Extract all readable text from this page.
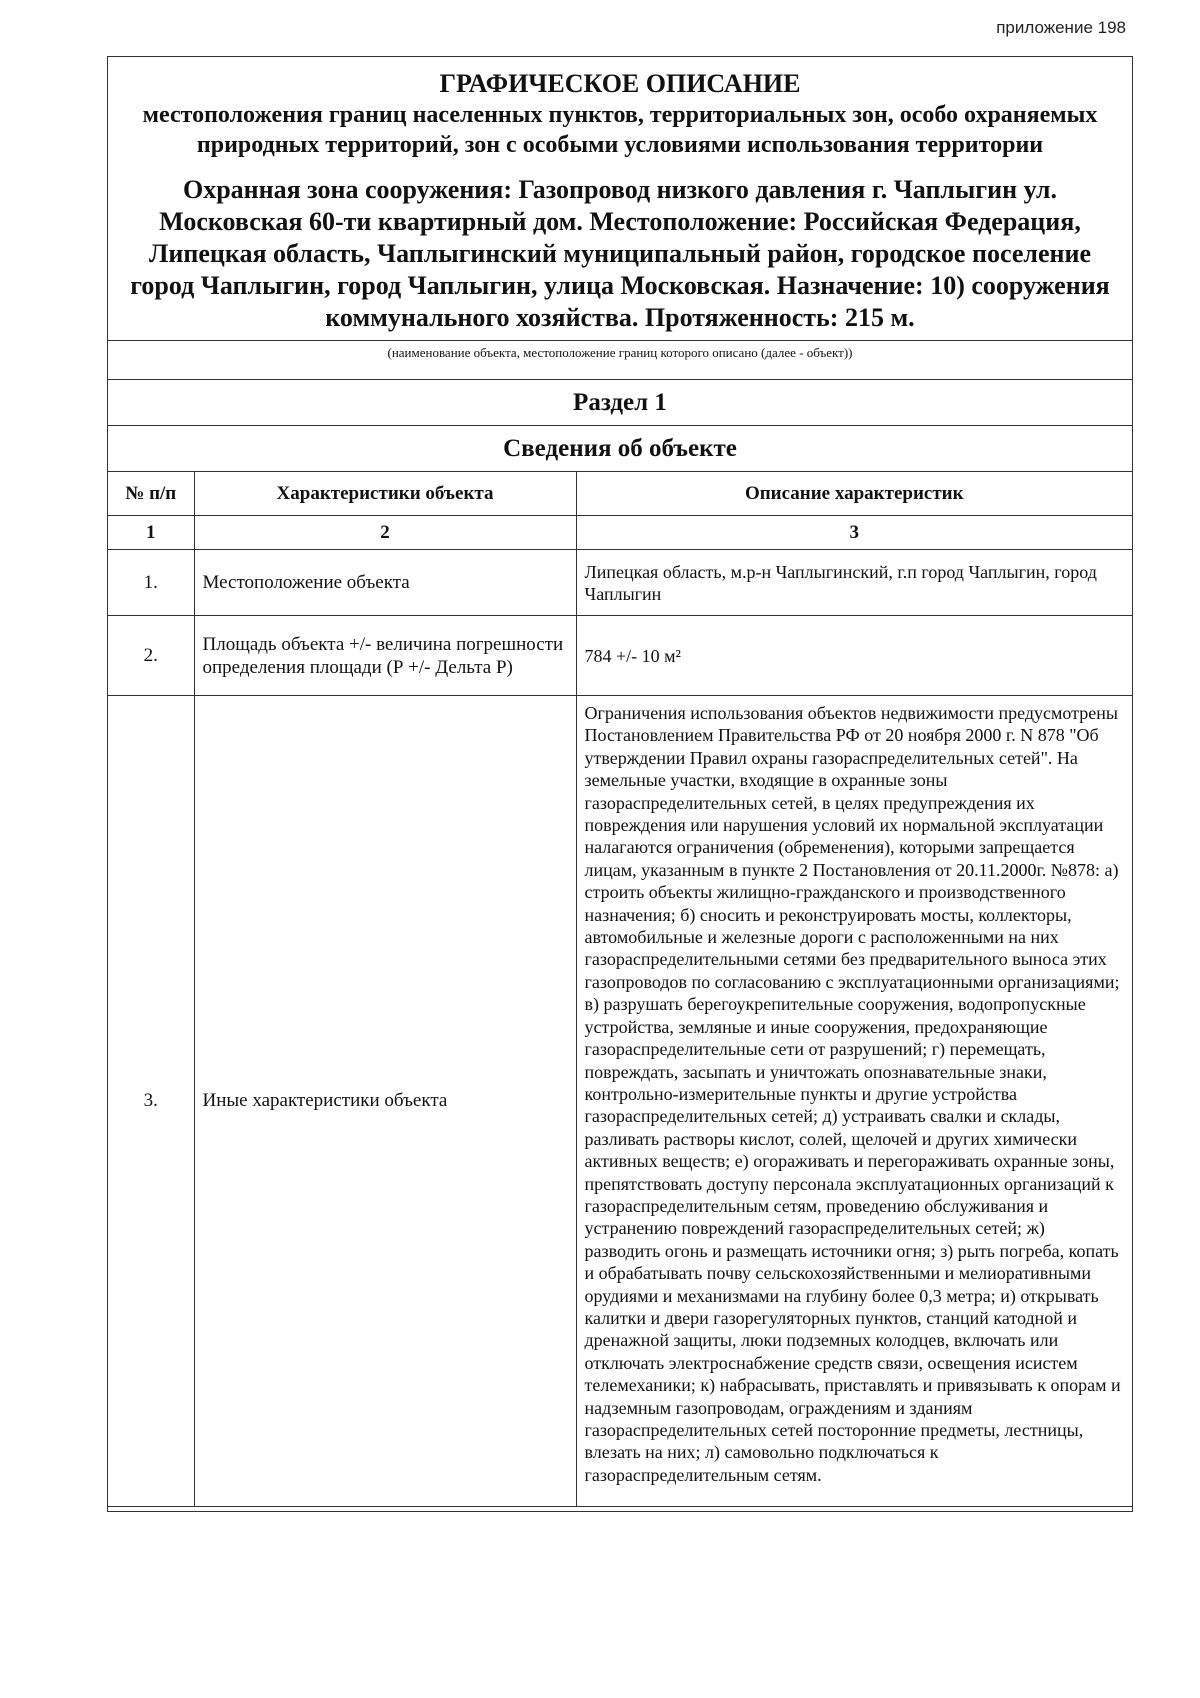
приложение 198

ГРАФИЧЕСКОЕ ОПИСАНИЕ

местоположения границ населенных пунктов, территориальных зон, особо охраняемых природных территорий, зон с особыми условиями использования территории

Охранная зона сооружения: Газопровод низкого давления г. Чаплыгин ул. Московская 60-ти квартирный дом. Местоположение: Российская Федерация, Липецкая область, Чаплыгинский муниципальный район, городское поселение город Чаплыгин, город Чаплыгин, улица Московская. Назначение: 10) сооружения коммунального хозяйства. Протяженность: 215 м.

(наименование объекта, местоположение границ которого описано (далее - объект))
Раздел 1
Сведения об объекте
№ п/п	Характеристики объекта	Описание характеристик
1	2	3
1.	Местоположение объекта	Липецкая область, м.р-н Чаплыгинский, г.п город Чаплыгин, город Чаплыгин
2.	Площадь объекта +/- величина погрешности определения площади (Р +/- Дельта Р)	784 +/- 10 м²
3.	Иные характеристики объекта	Ограничения использования объектов недвижимости предусмотрены Постановлением Правительства РФ от 20 ноября 2000 г. N 878 "Об утверждении Правил охраны газораспределительных сетей". На земельные участки, входящие в охранные зоны газораспределительных сетей, в целях предупреждения их повреждения или нарушения условий их нормальной эксплуатации налагаются ограничения (обременения), которыми запрещается лицам, указанным в пункте 2 Постановления от 20.11.2000г. №878: а) строить объекты жилищно-гражданского и производственного назначения; б) сносить и реконструировать мосты, коллекторы, автомобильные и железные дороги с расположенными на них газораспределительными сетями без предварительного выноса этих газопроводов по согласованию с эксплуатационными организациями; в) разрушать берегоукрепительные сооружения, водопропускные устройства, земляные и иные сооружения, предохраняющие газораспределительные сети от разрушений; г) перемещать, повреждать, засыпать и уничтожать опознавательные знаки, контрольно-измерительные пункты и другие устройства газораспределительных сетей; д) устраивать свалки и склады, разливать растворы кислот, солей, щелочей и других химически активных веществ; е) огораживать и перегораживать охранные зоны, препятствовать доступу персонала эксплуатационных организаций к газораспределительным сетям, проведению обслуживания и устранению повреждений газораспределительных сетей; ж) разводить огонь и размещать источники огня; з) рыть погреба, копать и обрабатывать почву сельскохозяйственными и мелиоративными орудиями и механизмами на глубину более 0,3 метра; и) открывать калитки и двери газорегуляторных пунктов, станций катодной и дренажной защиты, люки подземных колодцев, включать или отключать электроснабжение средств связи, освещения исистем телемеханики; к) набрасывать, приставлять и привязывать к опорам и надземным газопроводам, ограждениям и зданиям газораспределительных сетей посторонние предметы, лестницы, влезать на них; л) самовольно подключаться к газораспределительным сетям.
